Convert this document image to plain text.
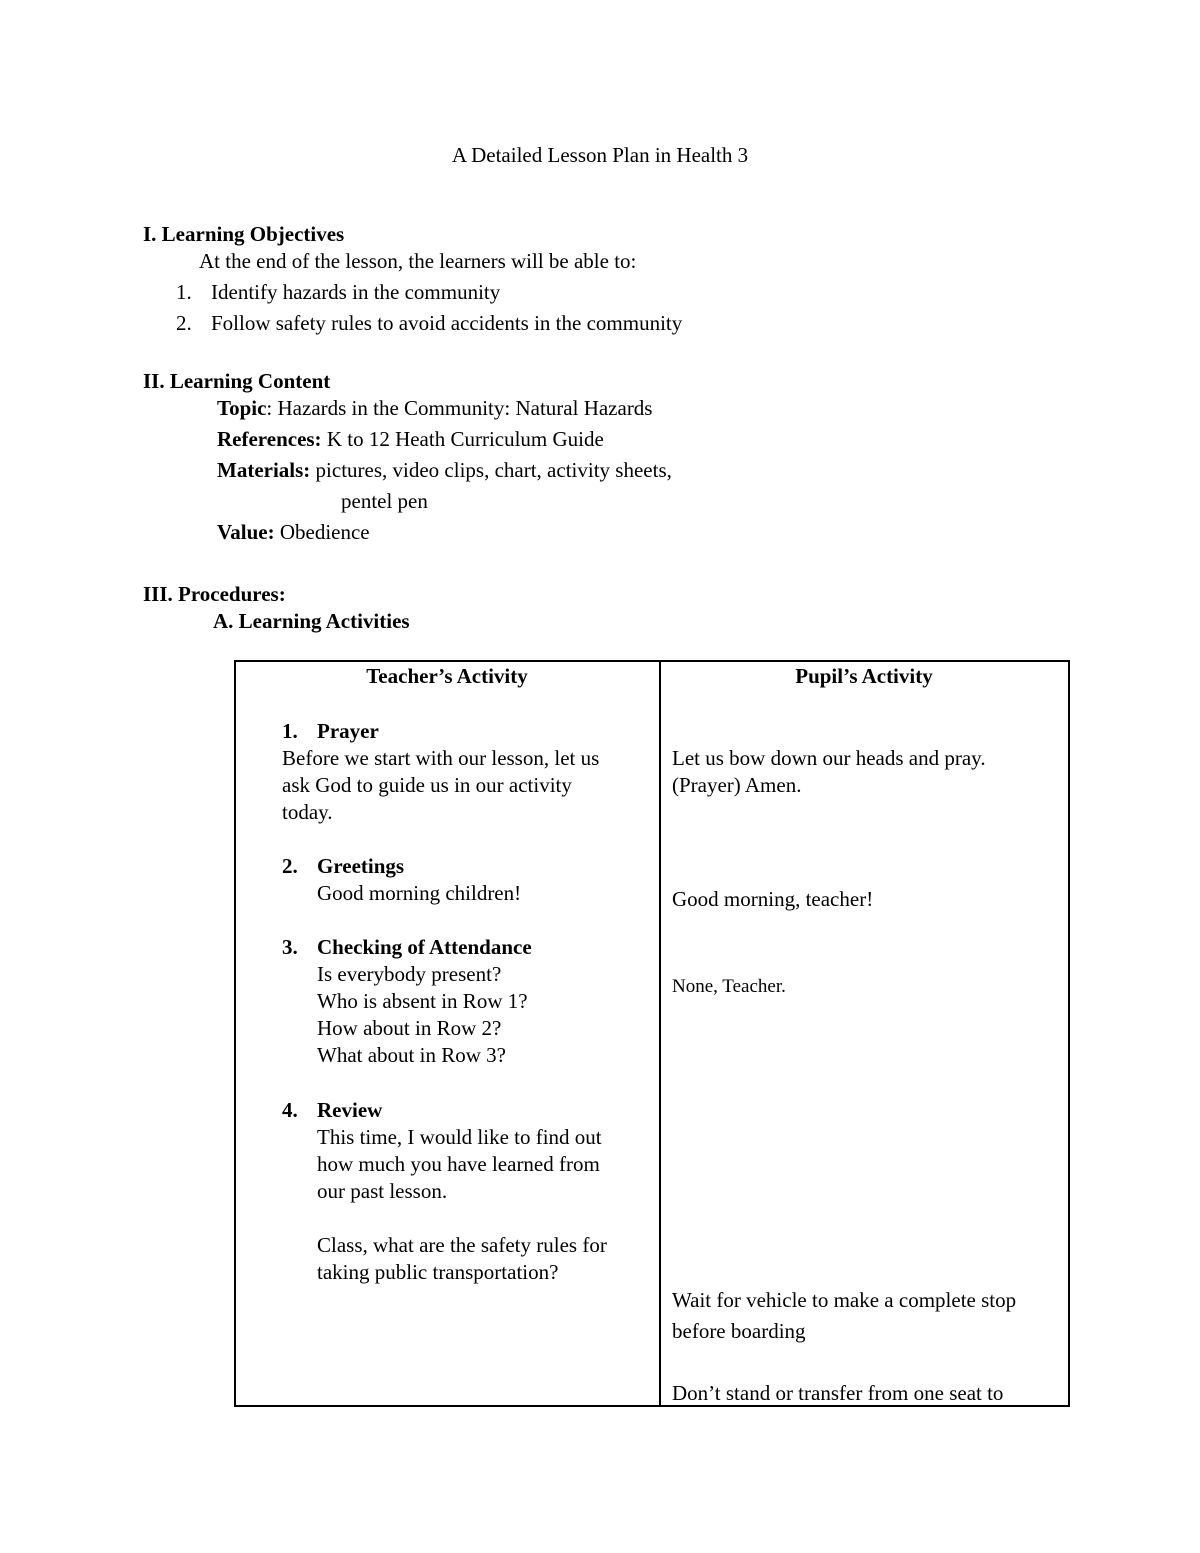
A Detailed Lesson Plan in Health 3
I. Learning Objectives
At the end of the lesson, the learners will be able to:
1. Identify hazards in the community
2. Follow safety rules to avoid accidents in the community
II. Learning Content
Topic: Hazards in the Community: Natural Hazards
References: K to 12 Heath Curriculum Guide
Materials: pictures, video clips, chart, activity sheets,
pentel pen
Value: Obedience
III. Procedures:
A. Learning Activities
Teacher’s Activity	Pupil’s Activity
1. Prayer
Before we start with our lesson, let us
ask God to guide us in our activity
today.
2. Greetings
Good morning children!
3. Checking of Attendance
Is everybody present?
Who is absent in Row 1?
How about in Row 2?
What about in Row 3?
4. Review
This time, I would like to find out
how much you have learned from
our past lesson.
Class, what are the safety rules for
taking public transportation?
Let us bow down our heads and pray.
(Prayer) Amen.
Good morning, teacher!
None, Teacher.
Wait for vehicle to make a complete stop
before boarding
Don’t stand or transfer from one seat to
